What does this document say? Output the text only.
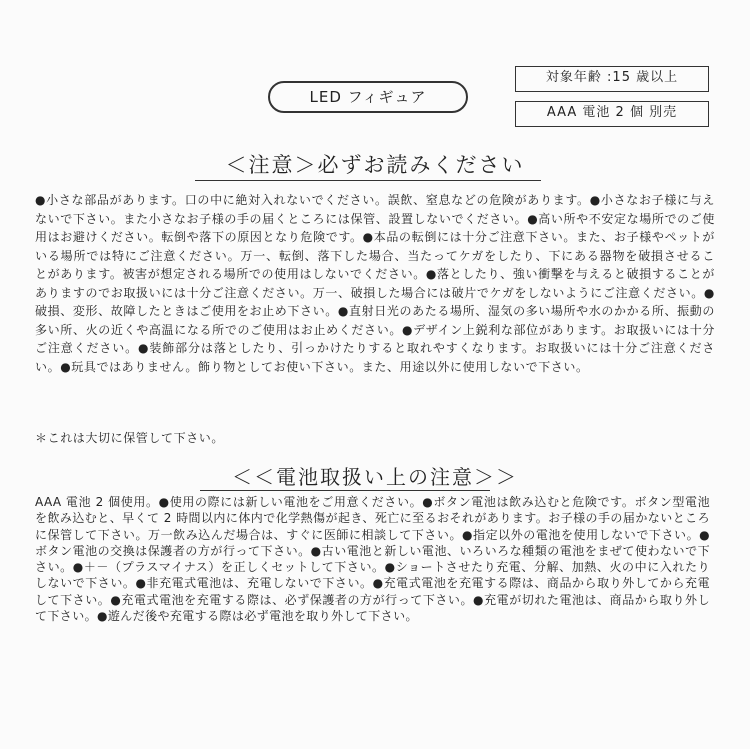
LED フィギュア
対象年齢 :15 歳以上
AAA 電池 2 個 別売
＜注意＞必ずお読みください

●小さな部品があります。口の中に絶対入れないでください。誤飲、窒息などの危険があります。●小さなお子様に与えないで下さい。また小さなお子様の手の届くところには保管、設置しないでください。●高い所や不安定な場所でのご使用はお避けください。転倒や落下の原因となり危険です。●本品の転倒には十分ご注意下さい。また、お子様やペットがいる場所では特にご注意ください。万一、転倒、落下した場合、当たってケガをしたり、下にある器物を破損させることがあります。被害が想定される場所での使用はしないでください。●落としたり、強い衝撃を与えると破損することがありますのでお取扱いには十分ご注意ください。万一、破損した場合には破片でケガをしないようにご注意ください。●破損、変形、故障したときはご使用をお止め下さい。●直射日光のあたる場所、湿気の多い場所や水のかかる所、振動の多い所、火の近くや高温になる所でのご使用はお止めください。●デザイン上鋭利な部位があります。お取扱いには十分ご注意ください。●装飾部分は落としたり、引っかけたりすると取れやすくなります。お取扱いには十分ご注意ください。●玩具ではありません。飾り物としてお使い下さい。また、用途以外に使用しないで下さい。

＊これは大切に保管して下さい。
＜＜電池取扱い上の注意＞＞

AAA 電池 2 個使用。●使用の際には新しい電池をご用意ください。●ボタン電池は飲み込むと危険です。ボタン型電池を飲み込むと、早くて 2 時間以内に体内で化学熱傷が起き、死亡に至るおそれがあります。お子様の手の届かないところに保管して下さい。万一飲み込んだ場合は、すぐに医師に相談して下さい。●指定以外の電池を使用しないで下さい。●ボタン電池の交換は保護者の方が行って下さい。●古い電池と新しい電池、いろいろな種類の電池をまぜて使わないで下さい。●＋－（プラスマイナス）を正しくセットして下さい。●ショートさせたり充電、分解、加熱、火の中に入れたりしないで下さい。●非充電式電池は、充電しないで下さい。●充電式電池を充電する際は、商品から取り外してから充電して下さい。●充電式電池を充電する際は、必ず保護者の方が行って下さい。●充電が切れた電池は、商品から取り外して下さい。●遊んだ後や充電する際は必ず電池を取り外して下さい。
